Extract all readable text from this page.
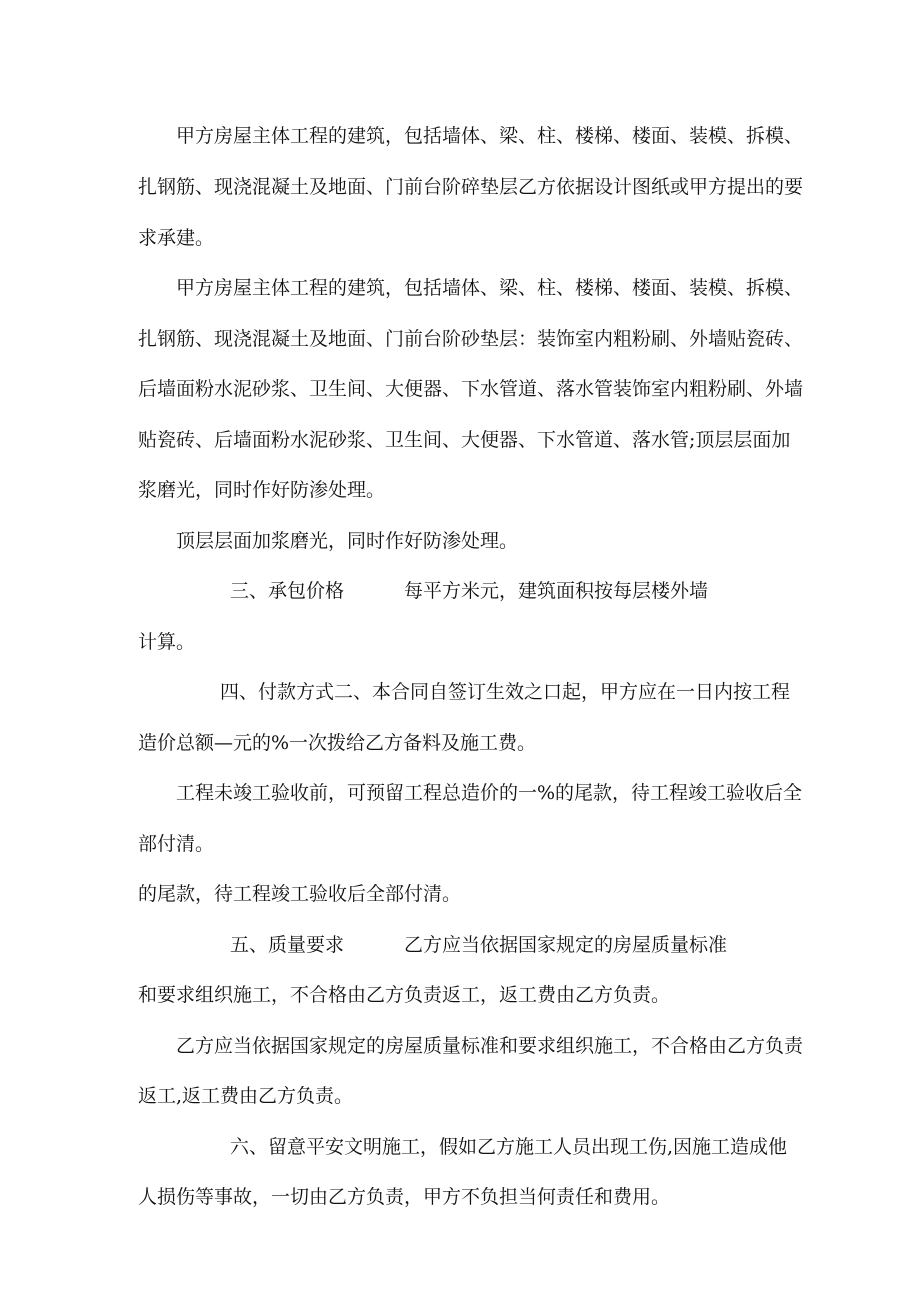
甲方房屋主体工程的建筑，包括墙体、梁、柱、楼梯、楼面、装模、拆模、
扎钢筋、现浇混凝土及地面、门前台阶碎垫层乙方依据设计图纸或甲方提出的要
求承建。
甲方房屋主体工程的建筑，包括墙体、梁、柱、楼梯、楼面、装模、拆模、
扎钢筋、现浇混凝土及地面、门前台阶砂垫层：装饰室内粗粉刷、外墙贴瓷砖、
后墙面粉水泥砂浆、卫生间、大便器、下水管道、落水管装饰室内粗粉刷、外墙
贴瓷砖、后墙面粉水泥砂浆、卫生间、大便器、下水管道、落水管;顶层层面加
浆磨光，同时作好防渗处理。
顶层层面加浆磨光，同时作好防渗处理。
三、承包价格	每平方米元，建筑面积按每层楼外墙
计算。
四、付款方式二、本合同自签订生效之口起，甲方应在一日内按工程
造价总额—元的%一次拨给乙方备料及施工费。
工程未竣工验收前，可预留工程总造价的一%的尾款，待工程竣工验收后全
部付清。
的尾款，待工程竣工验收后全部付清。
五、质量要求	乙方应当依据国家规定的房屋质量标准
和要求组织施工，不合格由乙方负责返工，返工费由乙方负责。
乙方应当依据国家规定的房屋质量标准和要求组织施工，不合格由乙方负责
返工,返工费由乙方负责。
六、留意平安文明施工，假如乙方施工人员出现工伤,因施工造成他
人损伤等事故，一切由乙方负责，甲方不负担当何责任和费用。
